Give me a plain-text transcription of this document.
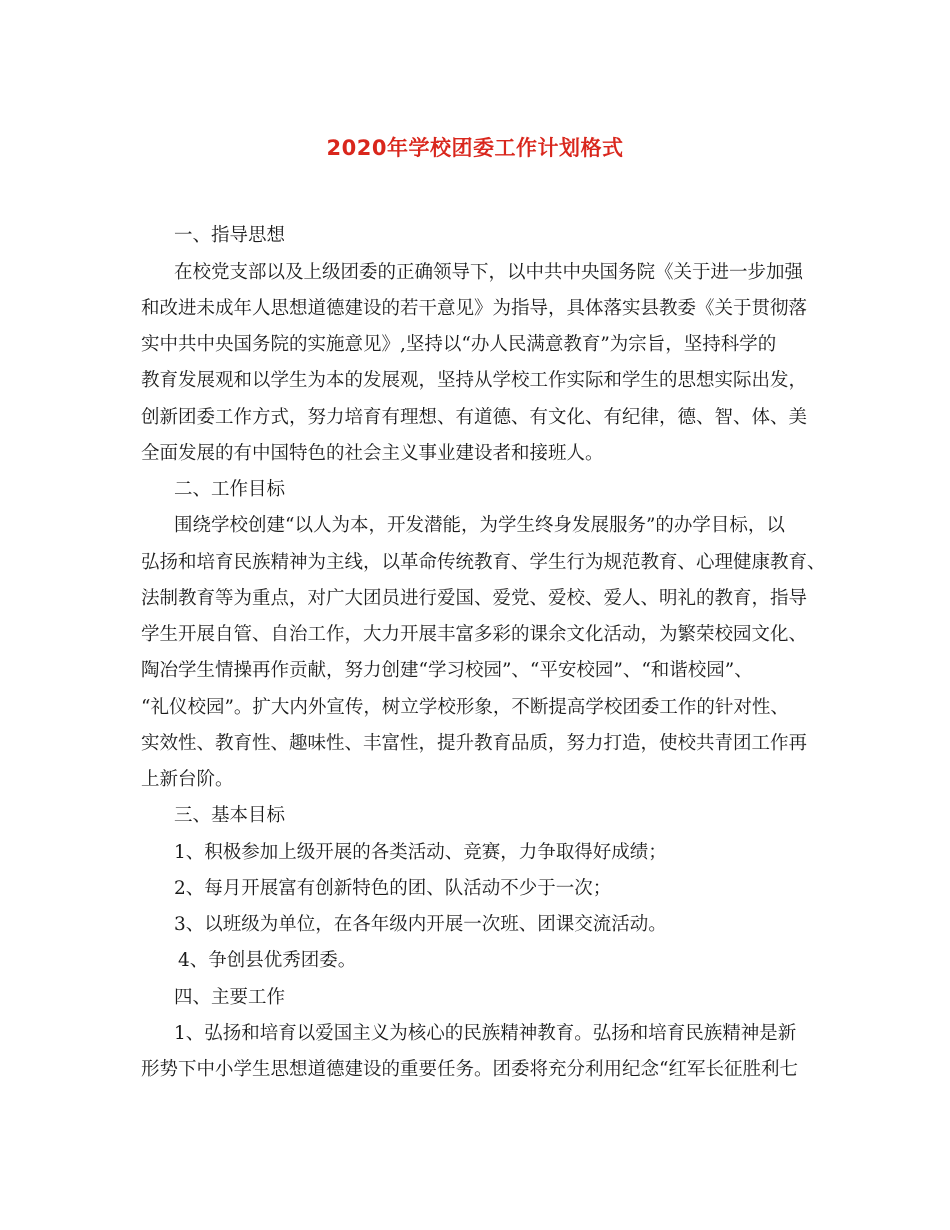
2020年学校团委工作计划格式
一、指导思想
在校党支部以及上级团委的正确领导下，以中共中央国务院《关于进一步加强
和改进未成年人思想道德建设的若干意见》为指导，具体落实县教委《关于贯彻落
实中共中央国务院的实施意见》,坚持以“办人民满意教育”为宗旨，坚持科学的
教育发展观和以学生为本的发展观，坚持从学校工作实际和学生的思想实际出发，
创新团委工作方式，努力培育有理想、有道德、有文化、有纪律，德、智、体、美
全面发展的有中国特色的社会主义事业建设者和接班人。
二、工作目标
围绕学校创建“以人为本，开发潜能，为学生终身发展服务”的办学目标，以
弘扬和培育民族精神为主线，以革命传统教育、学生行为规范教育、心理健康教育、
法制教育等为重点，对广大团员进行爱国、爱党、爱校、爱人、明礼的教育，指导
学生开展自管、自治工作，大力开展丰富多彩的课余文化活动，为繁荣校园文化、
陶冶学生情操再作贡献，努力创建“学习校园”、“平安校园”、“和谐校园”、
“礼仪校园”。扩大内外宣传，树立学校形象，不断提高学校团委工作的针对性、
实效性、教育性、趣味性、丰富性，提升教育品质，努力打造，使校共青团工作再
上新台阶。
三、基本目标
1、积极参加上级开展的各类活动、竞赛，力争取得好成绩；
2、每月开展富有创新特色的团、队活动不少于一次；
3、以班级为单位，在各年级内开展一次班、团课交流活动。
4、争创县优秀团委。
四、主要工作
1、弘扬和培育以爱国主义为核心的民族精神教育。弘扬和培育民族精神是新
形势下中小学生思想道德建设的重要任务。团委将充分利用纪念“红军长征胜利七
